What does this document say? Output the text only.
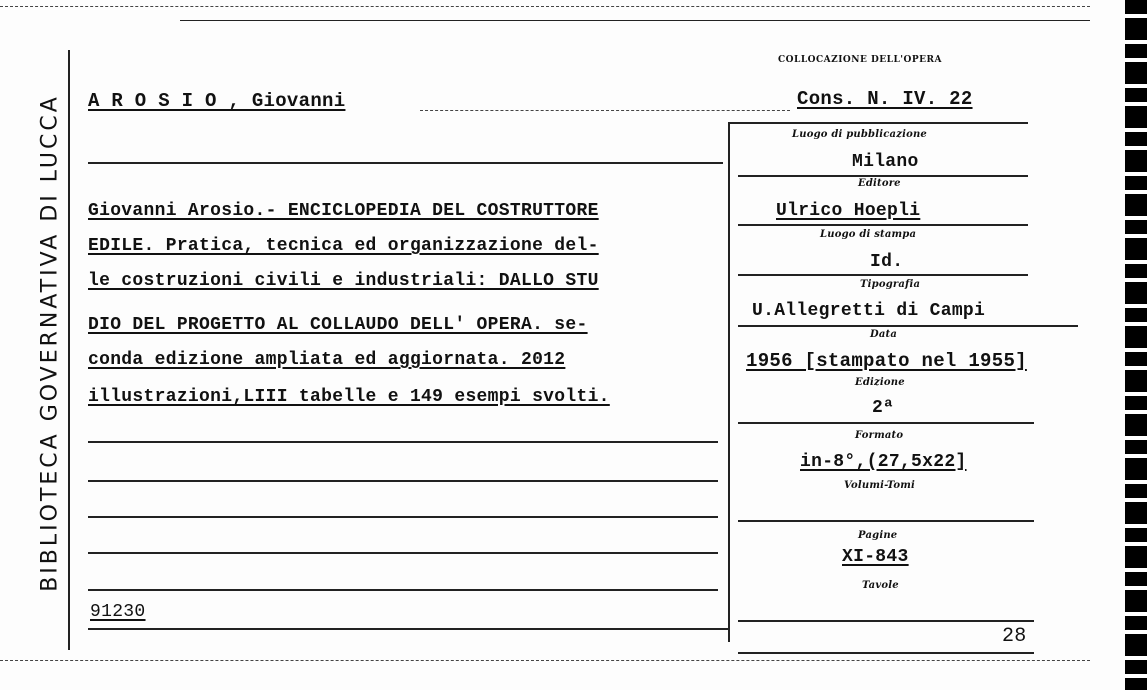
BIBLIOTECA GOVERNATIVA DI LUCCA
COLLOCAZIONE DELL'OPERA
A R O S I O , Giovanni	Cons. N. IV. 22
Giovanni Arosio.- ENCICLOPEDIA DEL COSTRUTTORE
EDILE. Pratica, tecnica ed organizzazione del-
le costruzioni civili e industriali: DALLO STU
DIO DEL PROGETTO AL COLLAUDO DELL' OPERA. se-
conda edizione ampliata ed aggiornata. 2012
illustrazioni,LIII tabelle e 149 esempi svolti.
91230
Luogo di pubblicazione
Milano
Editore
Ulrico Hoepli
Luogo di stampa
Id.
Tipografia
U.Allegretti di Campi
Data
1956 [stampato nel 1955]
Edizione
2ª
Formato
in-8°,(27,5x22]
Volumi-Tomi
Pagine
XI-843
Tavole
28
